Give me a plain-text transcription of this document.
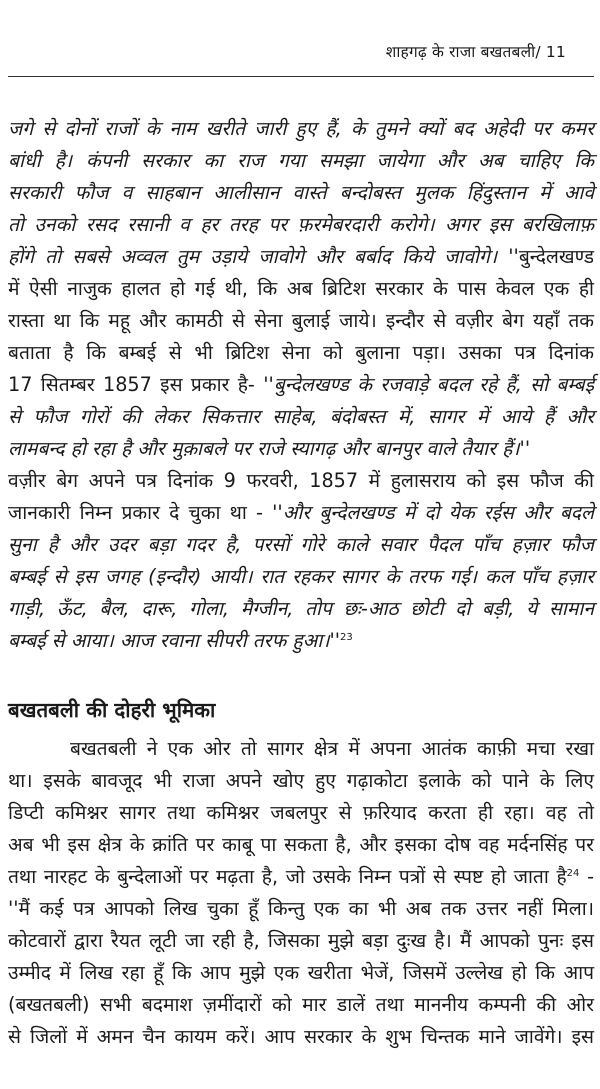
शाहगढ़ के राजा बखतबली/ 11
जगे से दोनों राजों के नाम खरीते जारी हुए हैं, के तुमने क्यों बद अहेदी पर कमर
बांधी है। कंपनी सरकार का राज गया समझा जायेगा और अब चाहिए कि
सरकारी फौज व साहबान आलीसान वास्ते बन्दोबस्त मुलक हिंदुस्तान में आवे
तो उनको रसद रसानी व हर तरह पर फ़रमेबरदारी करोगे। अगर इस बरखिलाफ़
होंगे तो सबसे अव्वल तुम उड़ाये जावोगे और बर्बाद किये जावोगे। ''बुन्देलखण्ड
में ऐसी नाजुक हालत हो गई थी, कि अब ब्रिटिश सरकार के पास केवल एक ही
रास्ता था कि महू और कामठी से सेना बुलाई जाये। इन्दौर से वज़ीर बेग यहाँ तक
बताता है कि बम्बई से भी ब्रिटिश सेना को बुलाना पड़ा। उसका पत्र दिनांक
17 सितम्बर 1857 इस प्रकार है- ''बुन्देलखण्ड के रजवाड़े बदल रहे हैं, सो बम्बई
से फौज गोरों की लेकर सिकत्तार साहेब, बंदोबस्त में, सागर में आये हैं और
लामबन्द हो रहा है और मुक़ाबले पर राजे स्यागढ़ और बानपुर वाले तैयार हैं।''
वज़ीर बेग अपने पत्र दिनांक 9 फरवरी, 1857 में हुलासराय को इस फौज की
जानकारी निम्न प्रकार दे चुका था - ''और बुन्देलखण्ड में दो येक रईस और बदले
सुना है और उदर बड़ा गदर है, परसों गोरे काले सवार पैदल पाँच हज़ार फौज
बम्बई से इस जगह (इन्दौर) आयी। रात रहकर सागर के तरफ गई। कल पाँच हज़ार
गाड़ी, ऊँट, बैल, दारू, गोला, मैग्जीन, तोप छः-आठ छोटी दो बड़ी, ये सामान
बम्बई से आया। आज रवाना सीपरी तरफ $हुआ।''^{23}$
बखतबली की दोहरी भूमिका
बखतबली ने एक ओर तो सागर क्षेत्र में अपना आतंक काफ़ी मचा रखा
था। इसके बावजूद भी राजा अपने खोए हुए गढ़ाकोटा इलाके को पाने के लिए
डिप्टी कमिश्नर सागर तथा कमिश्नर जबलपुर से फ़रियाद करता ही रहा। वह तो
अब भी इस क्षेत्र के क्रांति पर काबू पा सकता है, और इसका दोष वह मर्दनसिंह पर
तथा नारहट के बुन्देलाओं पर मढ़ता है, जो उसके निम्न पत्रों से स्पष्ट हो जाता है$^{24}$ -
''मैं कई पत्र आपको लिख चुका हूँ किन्तु एक का भी अब तक उत्तर नहीं मिला।
कोटवारों द्वारा रैयत लूटी जा रही है, जिसका मुझे बड़ा दुःख है। मैं आपको पुनः इस
उम्मीद में लिख रहा हूँ कि आप मुझे एक खरीता भेजें, जिसमें उल्लेख हो कि आप
(बखतबली) सभी बदमाश ज़मींदारों को मार डालें तथा माननीय कम्पनी की ओर
से जिलों में अमन चैन कायम करें। आप सरकार के शुभ चिन्तक माने जावेंगे। इस
